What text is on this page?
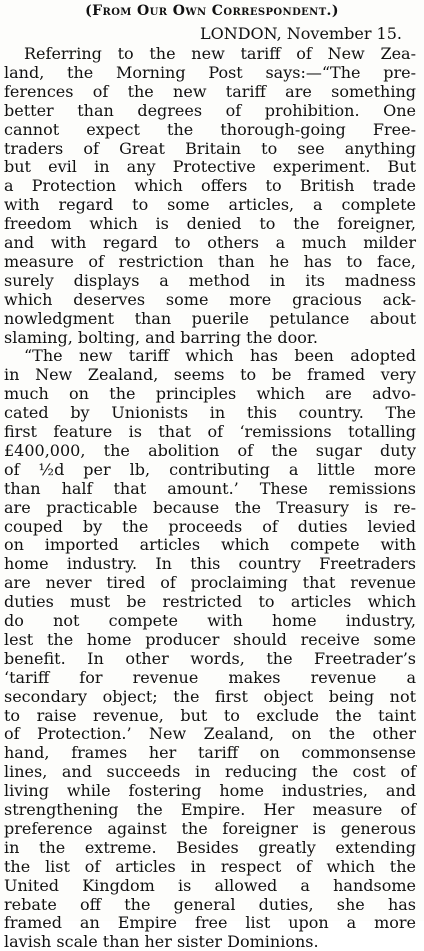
(From Our Own Correspondent.)
LONDON, November 15.
Referring to the new tariff of New Zea-
land, the Morning Post says:—“The pre-
ferences of the new tariff are something
better than degrees of prohibition. One
cannot expect the thorough-going Free-
traders of Great Britain to see anything
but evil in any Protective experiment. But
a Protection which offers to British trade
with regard to some articles, a complete
freedom which is denied to the foreigner,
and with regard to others a much milder
measure of restriction than he has to face,
surely displays a method in its madness
which deserves some more gracious ack-
nowledgment than puerile petulance about
slaming, bolting, and barring the door.
“The new tariff which has been adopted
in New Zealand, seems to be framed very
much on the principles which are advo-
cated by Unionists in this country. The
first feature is that of ‘remissions totalling
£400,000, the abolition of the sugar duty
of ½d per lb, contributing a little more
than half that amount.’ These remissions
are practicable because the Treasury is re-
couped by the proceeds of duties levied
on imported articles which compete with
home industry. In this country Freetraders
are never tired of proclaiming that revenue
duties must be restricted to articles which
do not compete with home industry,
lest the home producer should receive some
benefit. In other words, the Freetrader’s
‘tariff for revenue makes revenue a
secondary object; the first object being not
to raise revenue, but to exclude the taint
of Protection.’ New Zealand, on the other
hand, frames her tariff on commonsense
lines, and succeeds in reducing the cost of
living while fostering home industries, and
strengthening the Empire. Her measure of
preference against the foreigner is generous
in the extreme. Besides greatly extending
the list of articles in respect of which the
United Kingdom is allowed a handsome
rebate off the general duties, she has
framed an Empire free list upon a more
lavish scale than her sister Dominions.
